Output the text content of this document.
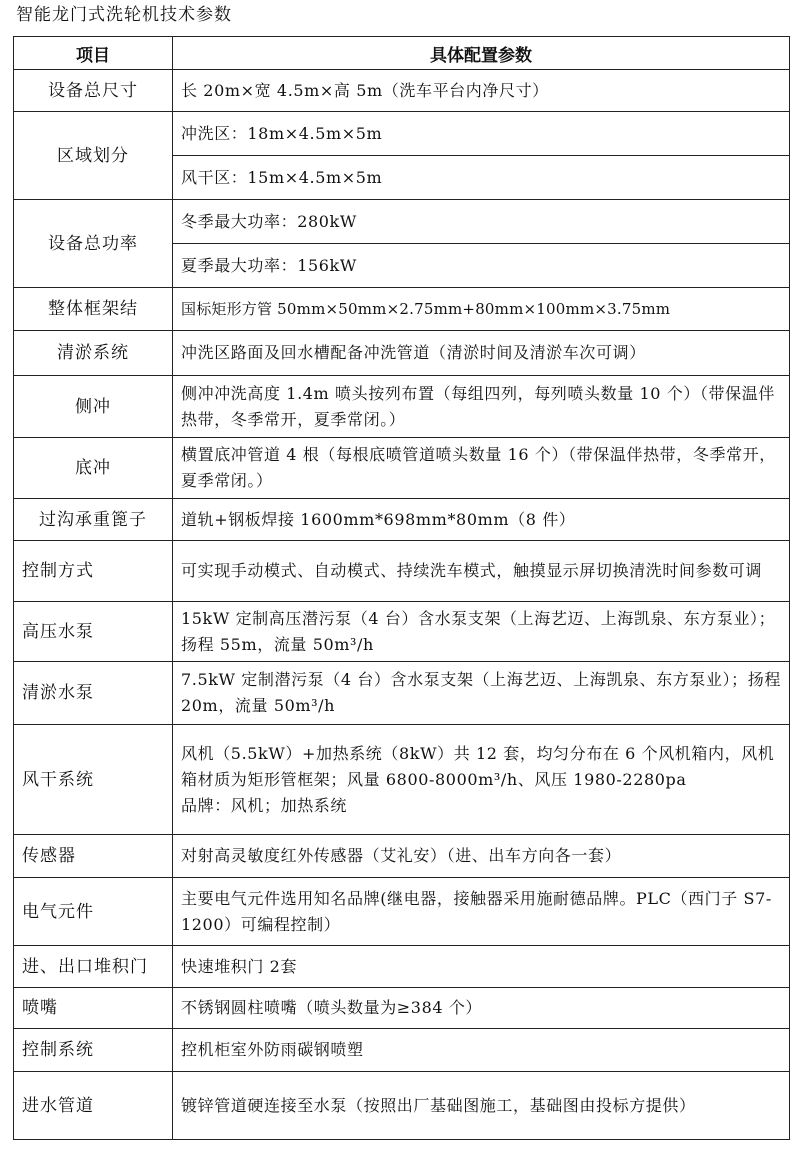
智能龙门式洗轮机技术参数
项目	具体配置参数
设备总尺寸	长 20m×宽 4.5m×高 5m（洗车平台内净尺寸）
区域划分	冲洗区：18m×4.5m×5m
	风干区：15m×4.5m×5m
设备总功率	冬季最大功率：280kW
	夏季最大功率：156kW
整体框架结	国标矩形方管 50mm×50mm×2.75mm+80mm×100mm×3.75mm
清淤系统	冲洗区路面及回水槽配备冲洗管道（清淤时间及清淤车次可调）
侧冲	侧冲冲洗高度 1.4m 喷头按列布置（每组四列，每列喷头数量 10 个）（带保温伴热带，冬季常开，夏季常闭。）
底冲	横置底冲管道 4 根（每根底喷管道喷头数量 16 个）（带保温伴热带，冬季常开，夏季常闭。）
过沟承重篦子	道轨+钢板焊接 1600mm*698mm*80mm（8 件）
控制方式	可实现手动模式、自动模式、持续洗车模式，触摸显示屏切换清洗时间参数可调
高压水泵	15kW 定制高压潜污泵（4 台）含水泵支架（上海艺迈、上海凯泉、东方泵业）；扬程 55m，流量 50m³/h
清淤水泵	7.5kW 定制潜污泵（4 台）含水泵支架（上海艺迈、上海凯泉、东方泵业）；扬程 20m，流量 50m³/h
风干系统	风机（5.5kW）+加热系统（8kW）共 12 套，均匀分布在 6 个风机箱内，风机箱材质为矩形管框架；风量 6800-8000m³/h、风压 1980-2280pa
品牌：风机；加热系统

传感器	对射高灵敏度红外传感器（艾礼安）（进、出车方向各一套）
电气元件	主要电气元件选用知名品牌(继电器，接触器采用施耐德品牌。PLC（西门子 S7-1200）可编程控制）
进、出口堆积门	快速堆积门 2套
喷嘴	不锈钢圆柱喷嘴（喷头数量为≥384 个）
控制系统	控机柜室外防雨碳钢喷塑
进水管道	镀锌管道硬连接至水泵（按照出厂基础图施工，基础图由投标方提供）
